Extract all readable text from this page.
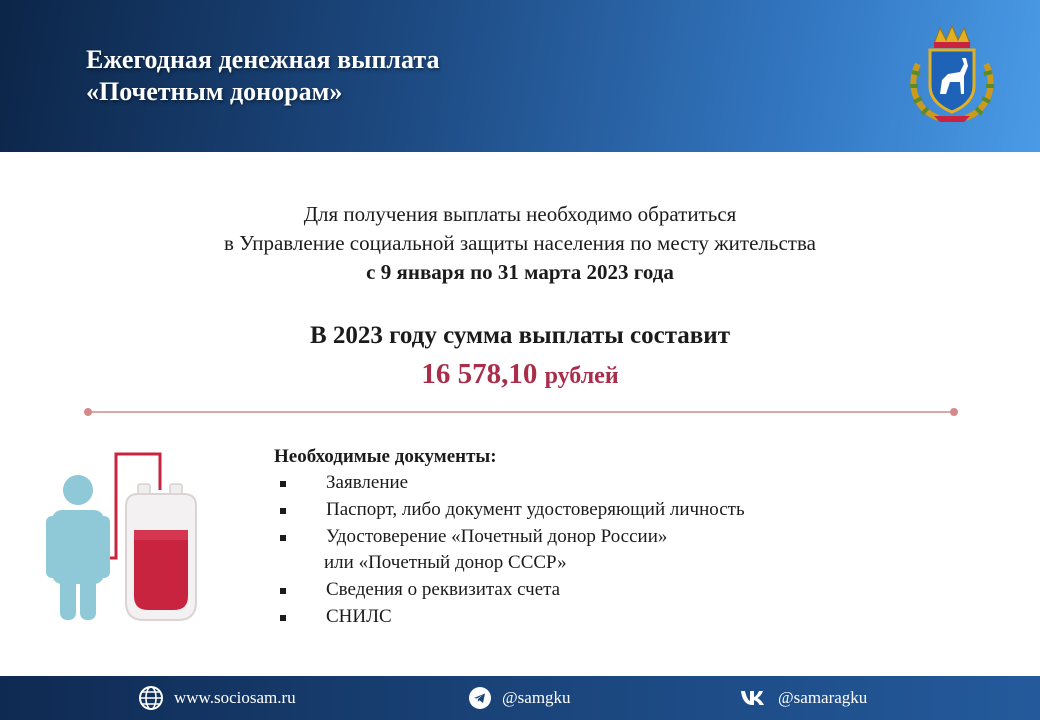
Ежегодная денежная выплата
«Почетным донорам»
Для получения выплаты необходимо обратиться
в Управление социальной защиты населения по месту жительства
с 9 января по 31 марта 2023 года
В 2023 году сумма выплаты составит
16 578,10 рублей
Необходимые документы:
Заявление
Паспорт, либо документ удостоверяющий личность
Удостоверение «Почетный донор России»
или «Почетный донор СССР»
Сведения о реквизитах счета
СНИЛС
www.sociosam.ru	@samgku	@samaragku
